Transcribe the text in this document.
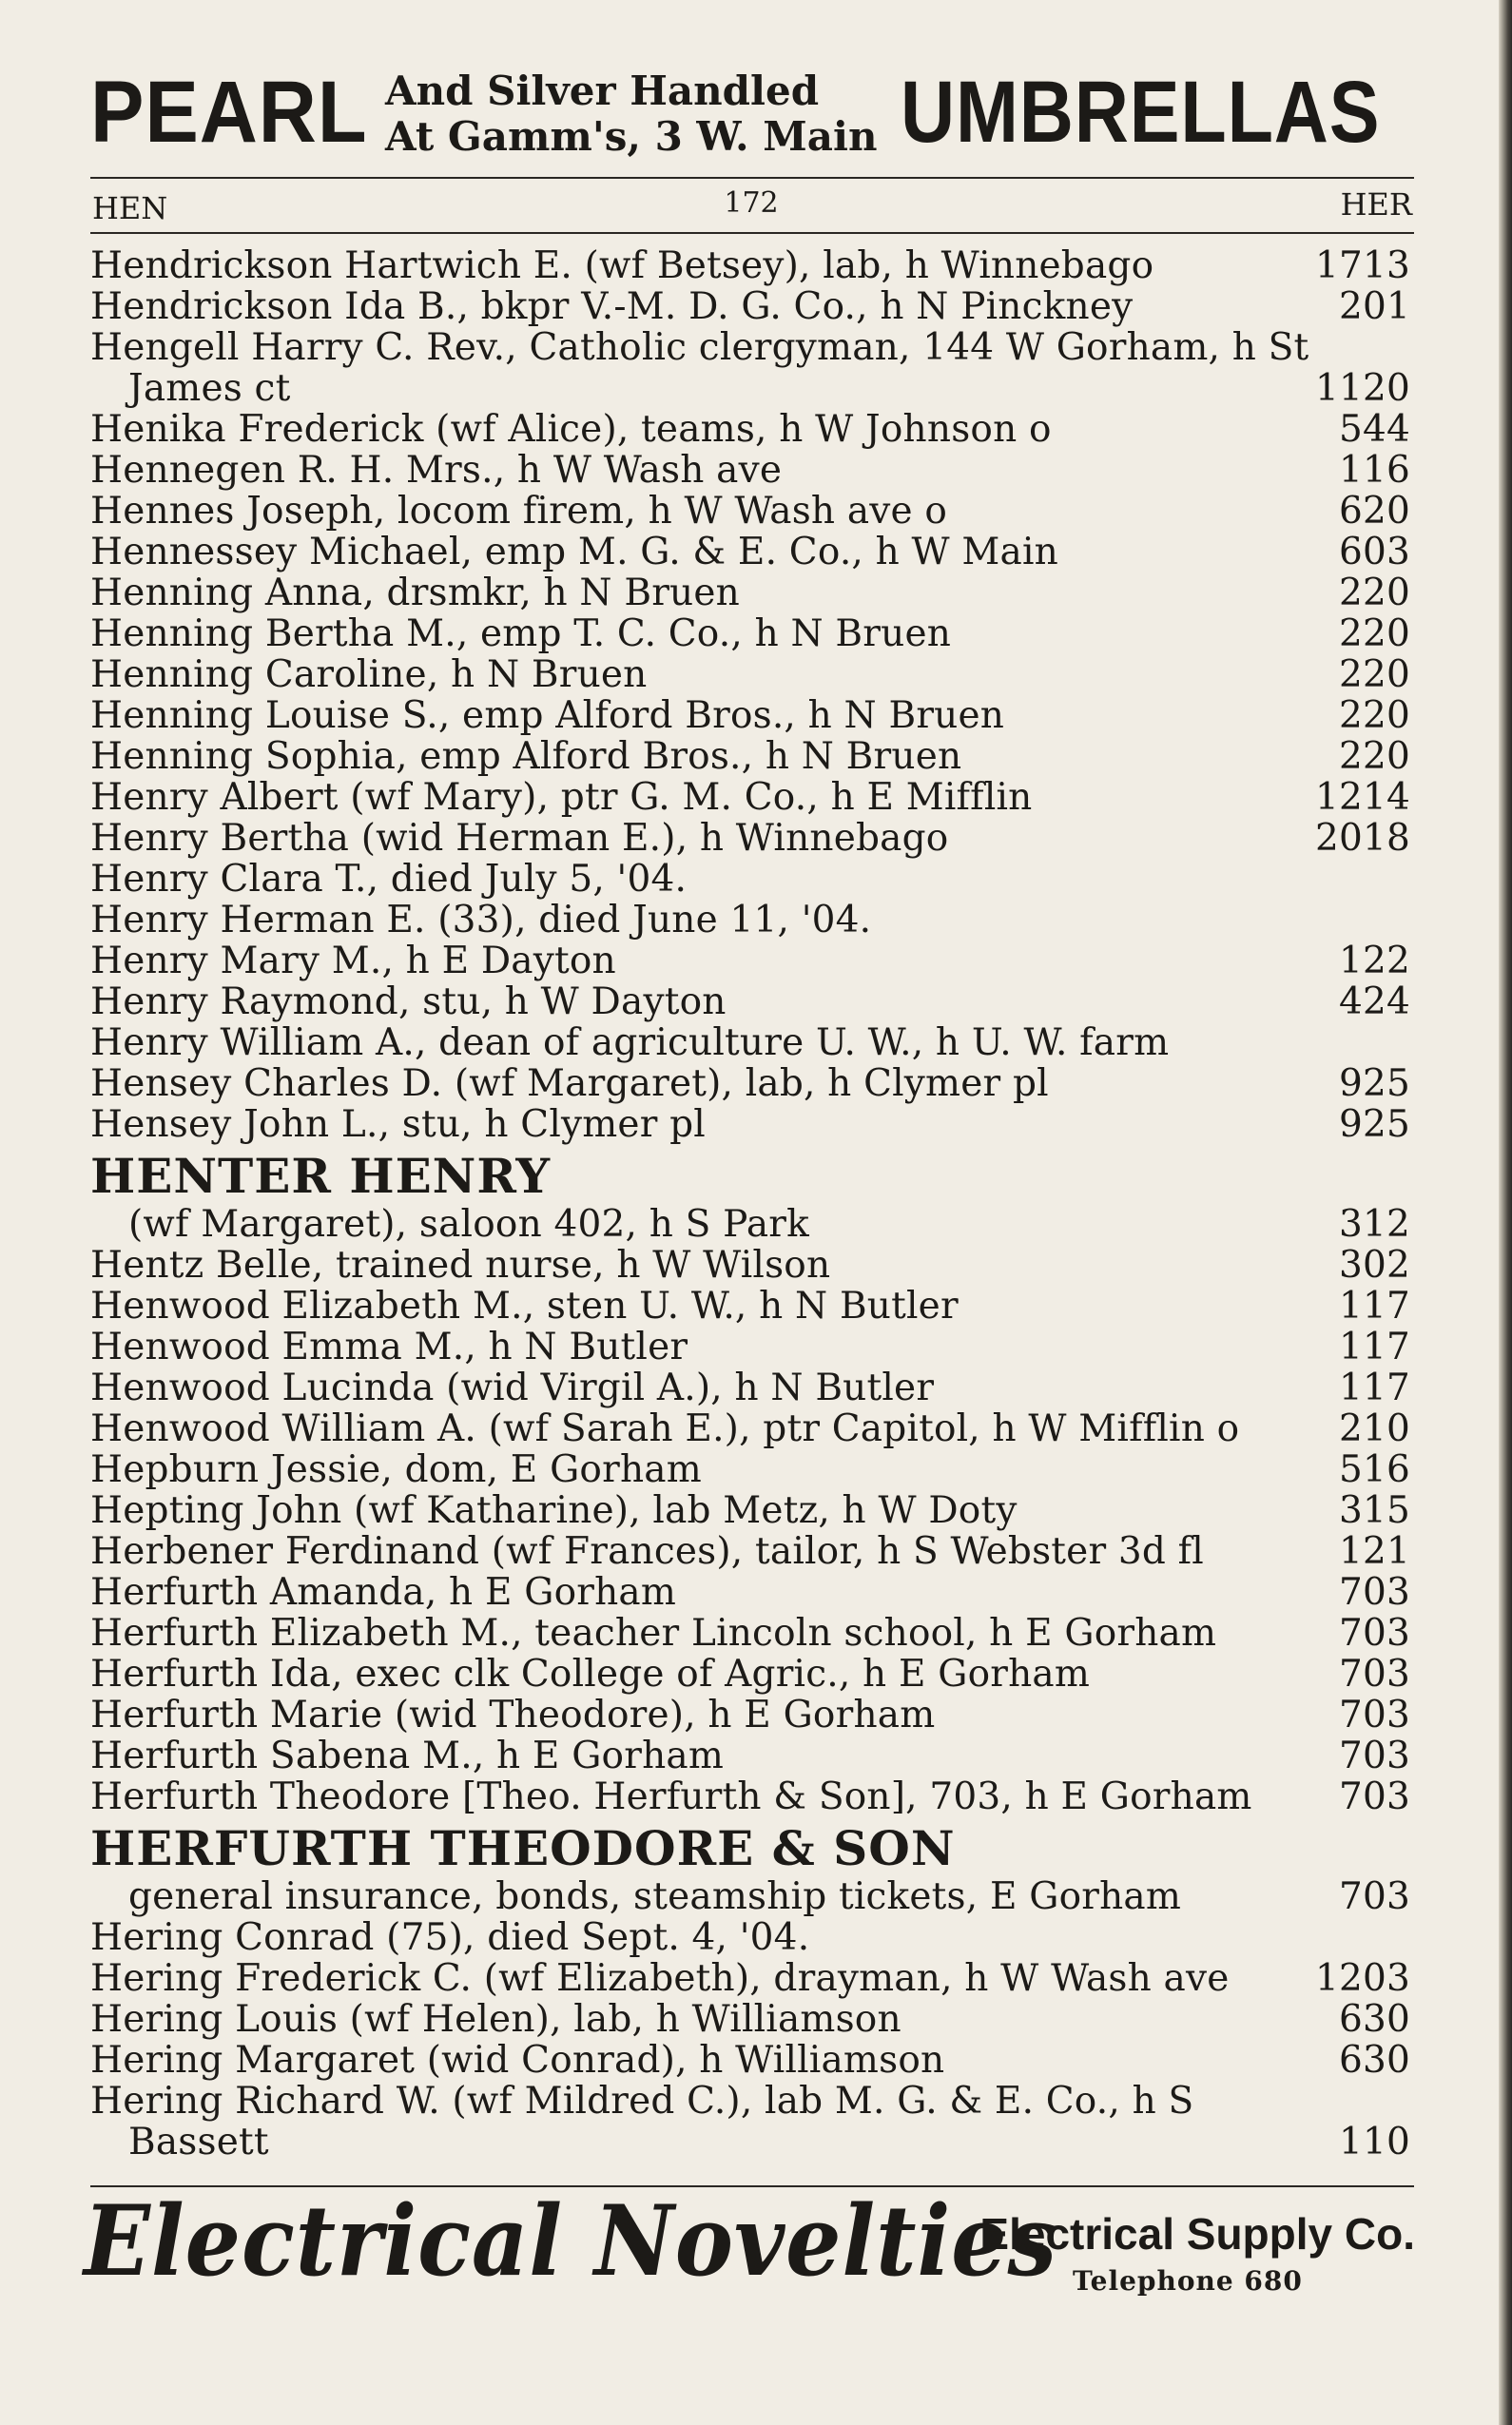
PEARL And Silver Handled
At Gamm's, 3 W. Main UMBRELLAS
HEN	172	HER
Hendrickson Hartwich E. (wf Betsey), lab, h Winnebago	1713
Hendrickson Ida B., bkpr V.-M. D. G. Co., h N Pinckney	201
Hengell Harry C. Rev., Catholic clergyman, 144 W Gorham, h St
James ct	1120
Henika Frederick (wf Alice), teams, h W Johnson o	544
Hennegen R. H. Mrs., h W Wash ave	116
Hennes Joseph, locom firem, h W Wash ave o	620
Hennessey Michael, emp M. G. & E. Co., h W Main	603
Henning Anna, drsmkr, h N Bruen	220
Henning Bertha M., emp T. C. Co., h N Bruen	220
Henning Caroline, h N Bruen	220
Henning Louise S., emp Alford Bros., h N Bruen	220
Henning Sophia, emp Alford Bros., h N Bruen	220
Henry Albert (wf Mary), ptr G. M. Co., h E Mifflin	1214
Henry Bertha (wid Herman E.), h Winnebago	2018
Henry Clara T., died July 5, '04.
Henry Herman E. (33), died June 11, '04.
Henry Mary M., h E Dayton	122
Henry Raymond, stu, h W Dayton	424
Henry William A., dean of agriculture U. W., h U. W. farm
Hensey Charles D. (wf Margaret), lab, h Clymer pl	925
Hensey John L., stu, h Clymer pl	925
HENTER HENRY
(wf Margaret), saloon 402, h S Park	312
Hentz Belle, trained nurse, h W Wilson	302
Henwood Elizabeth M., sten U. W., h N Butler	117
Henwood Emma M., h N Butler	117
Henwood Lucinda (wid Virgil A.), h N Butler	117
Henwood William A. (wf Sarah E.), ptr Capitol, h W Mifflin o	210
Hepburn Jessie, dom, E Gorham	516
Hepting John (wf Katharine), lab Metz, h W Doty	315
Herbener Ferdinand (wf Frances), tailor, h S Webster 3d fl	121
Herfurth Amanda, h E Gorham	703
Herfurth Elizabeth M., teacher Lincoln school, h E Gorham	703
Herfurth Ida, exec clk College of Agric., h E Gorham	703
Herfurth Marie (wid Theodore), h E Gorham	703
Herfurth Sabena M., h E Gorham	703
Herfurth Theodore [Theo. Herfurth & Son], 703, h E Gorham 703
HERFURTH THEODORE & SON
general insurance, bonds, steamship tickets, E Gorham	703
Hering Conrad (75), died Sept. 4, '04.
Hering Frederick C. (wf Elizabeth), drayman, h W Wash ave 1203
Hering Louis (wf Helen), lab, h Williamson	630
Hering Margaret (wid Conrad), h Williamson	630
Hering Richard W. (wf Mildred C.), lab M. G. & E. Co., h S
Bassett	110
Electrical Novelties
Electrical Supply Co.
Telephone 680
